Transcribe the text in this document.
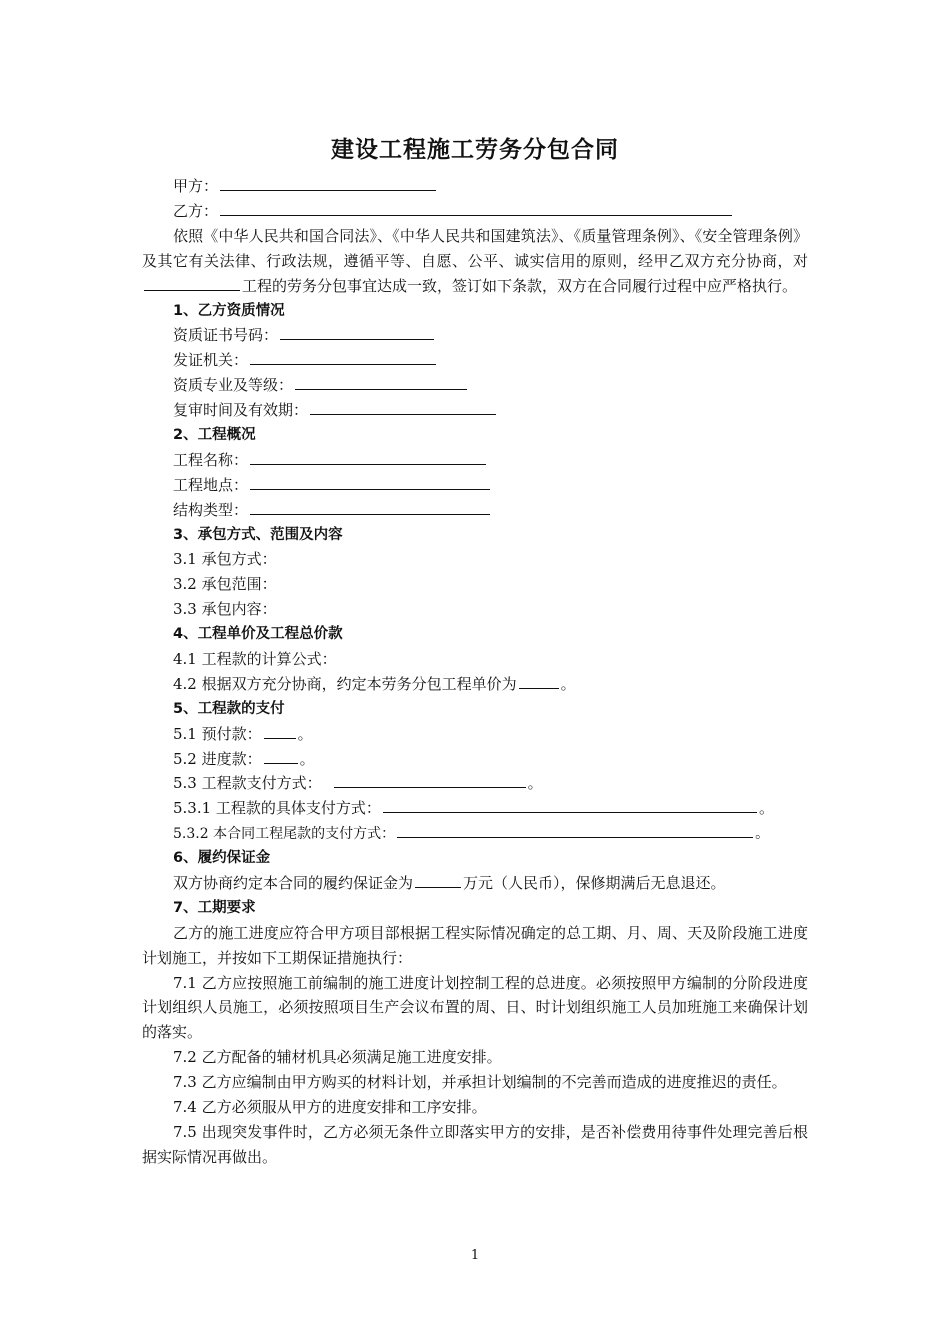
建设工程施工劳务分包合同
甲方：
乙方：
依照《中华人民共和国合同法》、《中华人民共和国建筑法》、《质量管理条例》、《安全管理条例》及其它有关法律、行政法规，遵循平等、自愿、公平、诚实信用的原则，经甲乙双方充分协商，对工程的劳务分包事宜达成一致，签订如下条款，双方在合同履行过程中应严格执行。
1、乙方资质情况
资质证书号码：
发证机关：
资质专业及等级：
复审时间及有效期：
2、工程概况
工程名称：
工程地点：
结构类型：
3、承包方式、范围及内容
3.1 承包方式：
3.2 承包范围：
3.3 承包内容：
4、工程单价及工程总价款
4.1 工程款的计算公式：
4.2 根据双方充分协商，约定本劳务分包工程单价为	。
5、工程款的支付
5.1 预付款： 。
5.2 进度款：	。
5.3 工程款支付方式：	。
5.3.1 工程款的具体支付方式：	。
5.3.2 本合同工程尾款的支付方式：	。
6、履约保证金
双方协商约定本合同的履约保证金为	万元（人民币），保修期满后无息退还。
7、工期要求
乙方的施工进度应符合甲方项目部根据工程实际情况确定的总工期、月、周、天及阶段施工进度计划施工，并按如下工期保证措施执行：
7.1 乙方应按照施工前编制的施工进度计划控制工程的总进度。必须按照甲方编制的分阶段进度计划组织人员施工，必须按照项目生产会议布置的周、日、时计划组织施工人员加班施工来确保计划的落实。
7.2 乙方配备的辅材机具必须满足施工进度安排。
7.3 乙方应编制由甲方购买的材料计划，并承担计划编制的不完善而造成的进度推迟的责任。
7.4 乙方必须服从甲方的进度安排和工序安排。
7.5 出现突发事件时，乙方必须无条件立即落实甲方的安排，是否补偿费用待事件处理完善后根据实际情况再做出。
1
